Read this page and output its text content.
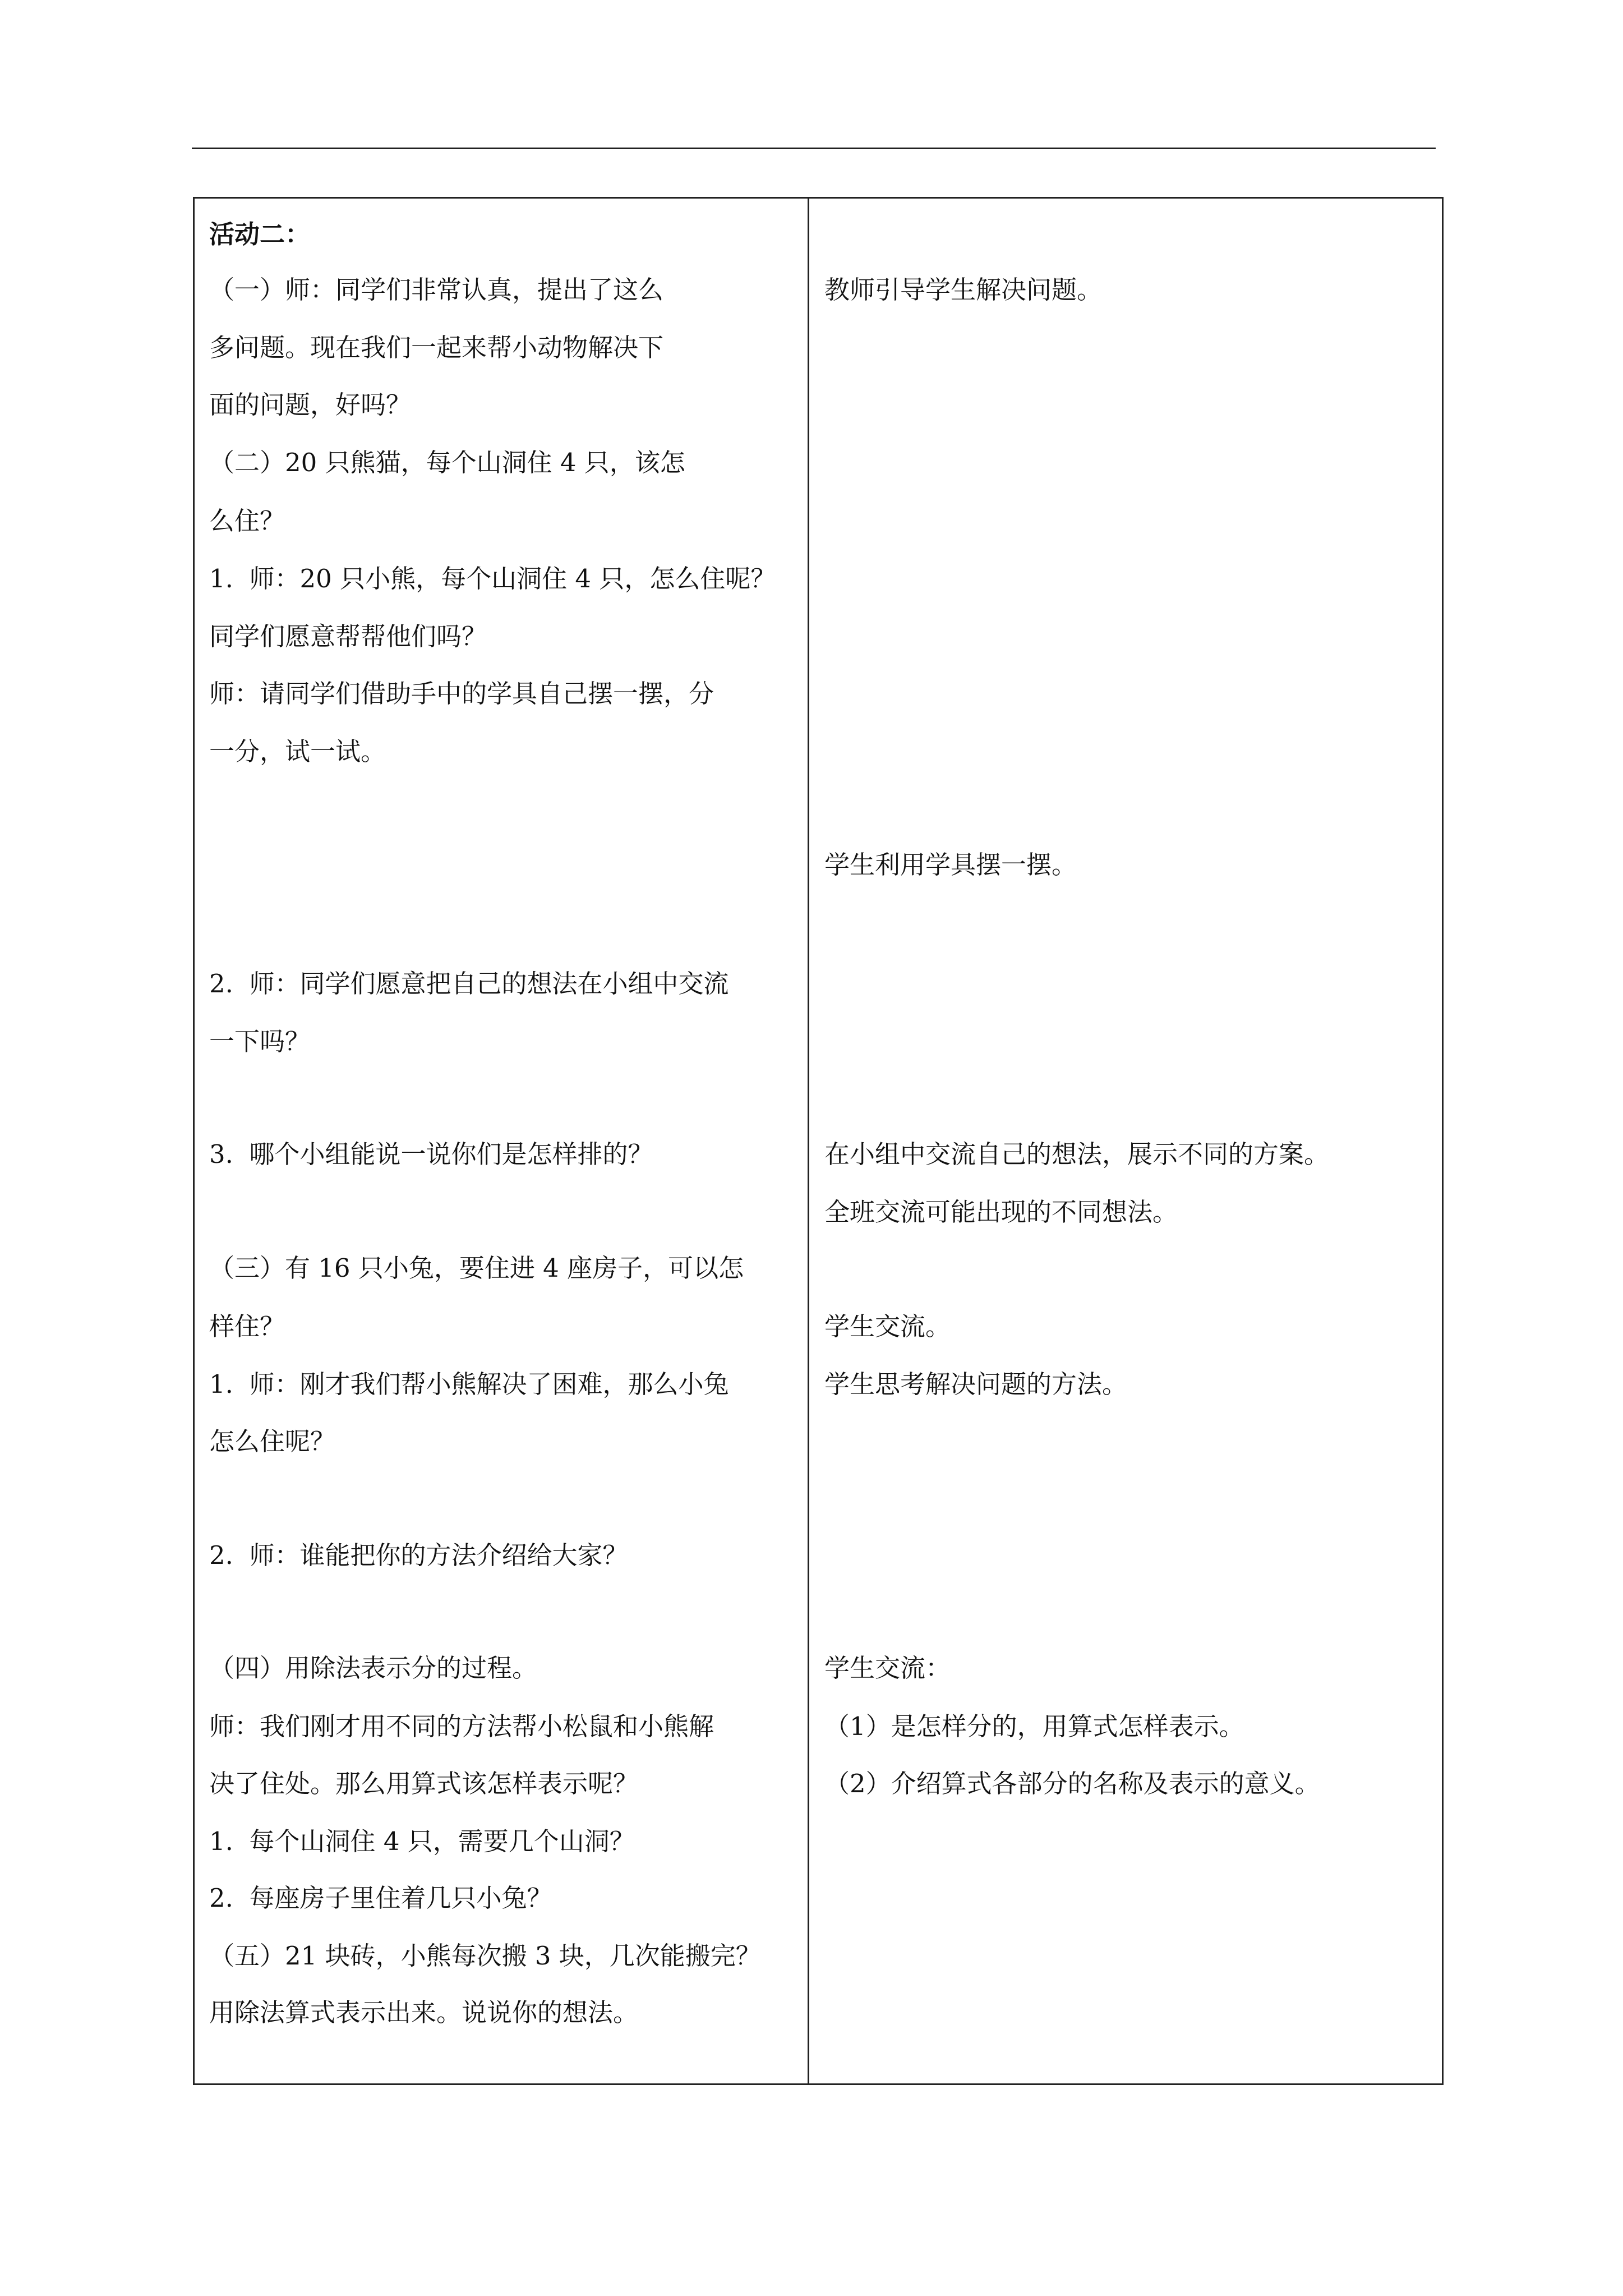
活动二：
（一）师：同学们非常认真，提出了这么
多问题。现在我们一起来帮小动物解决下
面的问题，好吗？
（二）20 只熊猫，每个山洞住 4 只，该怎
么住？
1.  师：20 只小熊，每个山洞住 4 只，怎么住呢？
同学们愿意帮帮他们吗？
师：请同学们借助手中的学具自己摆一摆，分
一分，试一试。
2.  师：同学们愿意把自己的想法在小组中交流
一下吗？
3.  哪个小组能说一说你们是怎样排的？
（三）有 16 只小兔，要住进 4 座房子，可以怎
样住？
1.  师：刚才我们帮小熊解决了困难，那么小兔
怎么住呢？
2.  师：谁能把你的方法介绍给大家？
（四）用除法表示分的过程。
师：我们刚才用不同的方法帮小松鼠和小熊解
决了住处。那么用算式该怎样表示呢？
1.  每个山洞住 4 只，需要几个山洞？
2.  每座房子里住着几只小兔？
（五）21 块砖，小熊每次搬 3 块，几次能搬完？
用除法算式表示出来。说说你的想法。
教师引导学生解决问题。
学生利用学具摆一摆。
在小组中交流自己的想法，展示不同的方案。
全班交流可能出现的不同想法。
学生交流。
学生思考解决问题的方法。
学生交流：
（1）是怎样分的，用算式怎样表示。
（2）介绍算式各部分的名称及表示的意义。
